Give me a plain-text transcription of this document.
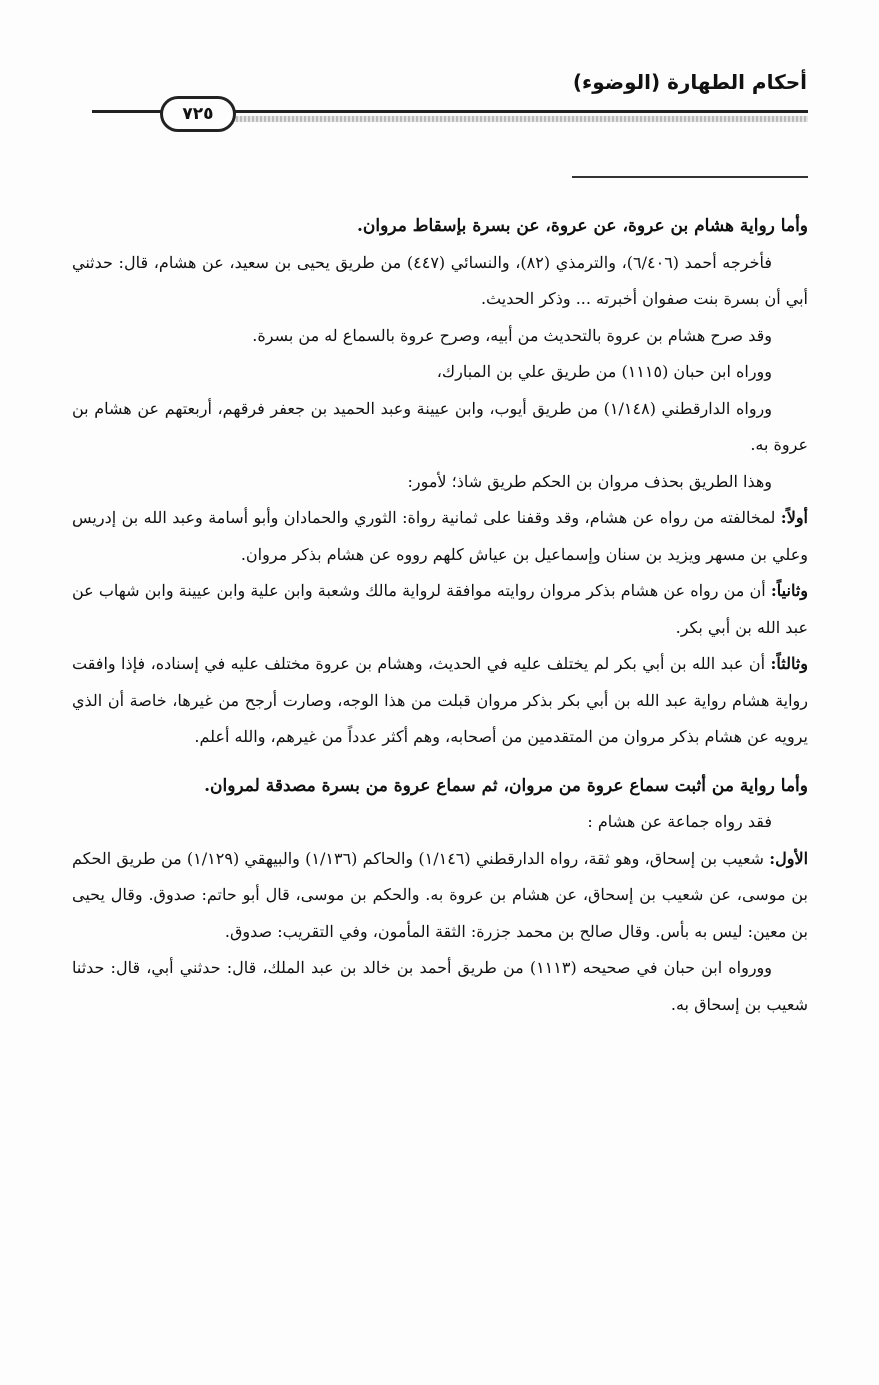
أحكام الطهارة (الوضوء)
٧٢٥

وأما رواية هشام بن عروة، عن عروة، عن بسرة بإسقاط مروان.

فأخرجه أحمد (٦/٤٠٦)، والترمذي (٨٢)، والنسائي (٤٤٧) من طريق يحيى بن سعيد، عن هشام، قال: حدثني أبي أن بسرة بنت صفوان أخبرته ... وذكر الحديث.

وقد صرح هشام بن عروة بالتحديث من أبيه، وصرح عروة بالسماع له من بسرة.

ووراه ابن حبان (١١١٥) من طريق علي بن المبارك،

ورواه الدارقطني (١/١٤٨) من طريق أيوب، وابن عيينة وعبد الحميد بن جعفر فرقهم، أربعتهم عن هشام بن عروة به.

وهذا الطريق بحذف مروان بن الحكم طريق شاذ؛ لأمور:

أولاً: لمخالفته من رواه عن هشام، وقد وقفنا على ثمانية رواة: الثوري والحمادان وأبو أسامة وعبد الله بن إدريس وعلي بن مسهر ويزيد بن سنان وإسماعيل بن عياش كلهم رووه عن هشام بذكر مروان.

وثانياً: أن من رواه عن هشام بذكر مروان روايته موافقة لرواية مالك وشعبة وابن علية وابن عيينة وابن شهاب عن عبد الله بن أبي بكر.

وثالثاً: أن عبد الله بن أبي بكر لم يختلف عليه في الحديث، وهشام بن عروة مختلف عليه في إسناده، فإذا وافقت رواية هشام رواية عبد الله بن أبي بكر بذكر مروان قبلت من هذا الوجه، وصارت أرجح من غيرها، خاصة أن الذي يرويه عن هشام بذكر مروان من المتقدمين من أصحابه، وهم أكثر عدداً من غيرهم، والله أعلم.

وأما رواية من أثبت سماع عروة من مروان، ثم سماع عروة من بسرة مصدقة لمروان.

فقد رواه جماعة عن هشام :

الأول: شعيب بن إسحاق، وهو ثقة، رواه الدارقطني (١/١٤٦) والحاكم (١/١٣٦) والبيهقي (١/١٢٩) من طريق الحكم بن موسى، عن شعيب بن إسحاق، عن هشام بن عروة به. والحكم بن موسى، قال أبو حاتم: صدوق. وقال يحيى بن معين: ليس به بأس. وقال صالح بن محمد جزرة: الثقة المأمون، وفي التقريب: صدوق.

وورواه ابن حبان في صحيحه (١١١٣) من طريق أحمد بن خالد بن عبد الملك، قال: حدثني أبي، قال: حدثنا شعيب بن إسحاق به.
